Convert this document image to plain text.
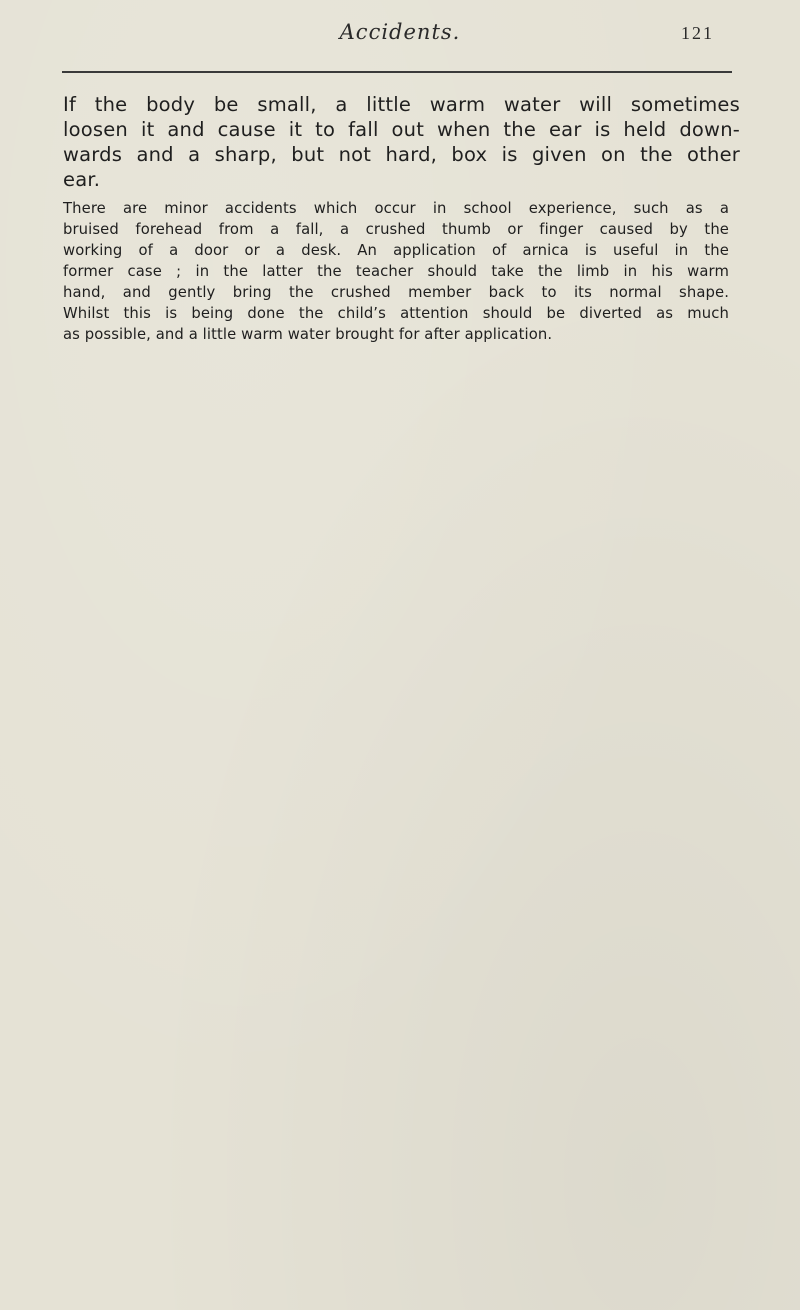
Accidents.	121

If the body be small, a little warm water will sometimes
loosen it and cause it to fall out when the ear is held down-
wards and a sharp, but not hard, box is given on the other
ear.

There are minor accidents which occur in school experience, such as a
bruised forehead from a fall, a crushed thumb or finger caused by the
working of a door or a desk. An application of arnica is useful in the
former case ; in the latter the teacher should take the limb in his warm
hand, and gently bring the crushed member back to its normal shape.
Whilst this is being done the child’s attention should be diverted as much
as possible, and a little warm water brought for after application.
